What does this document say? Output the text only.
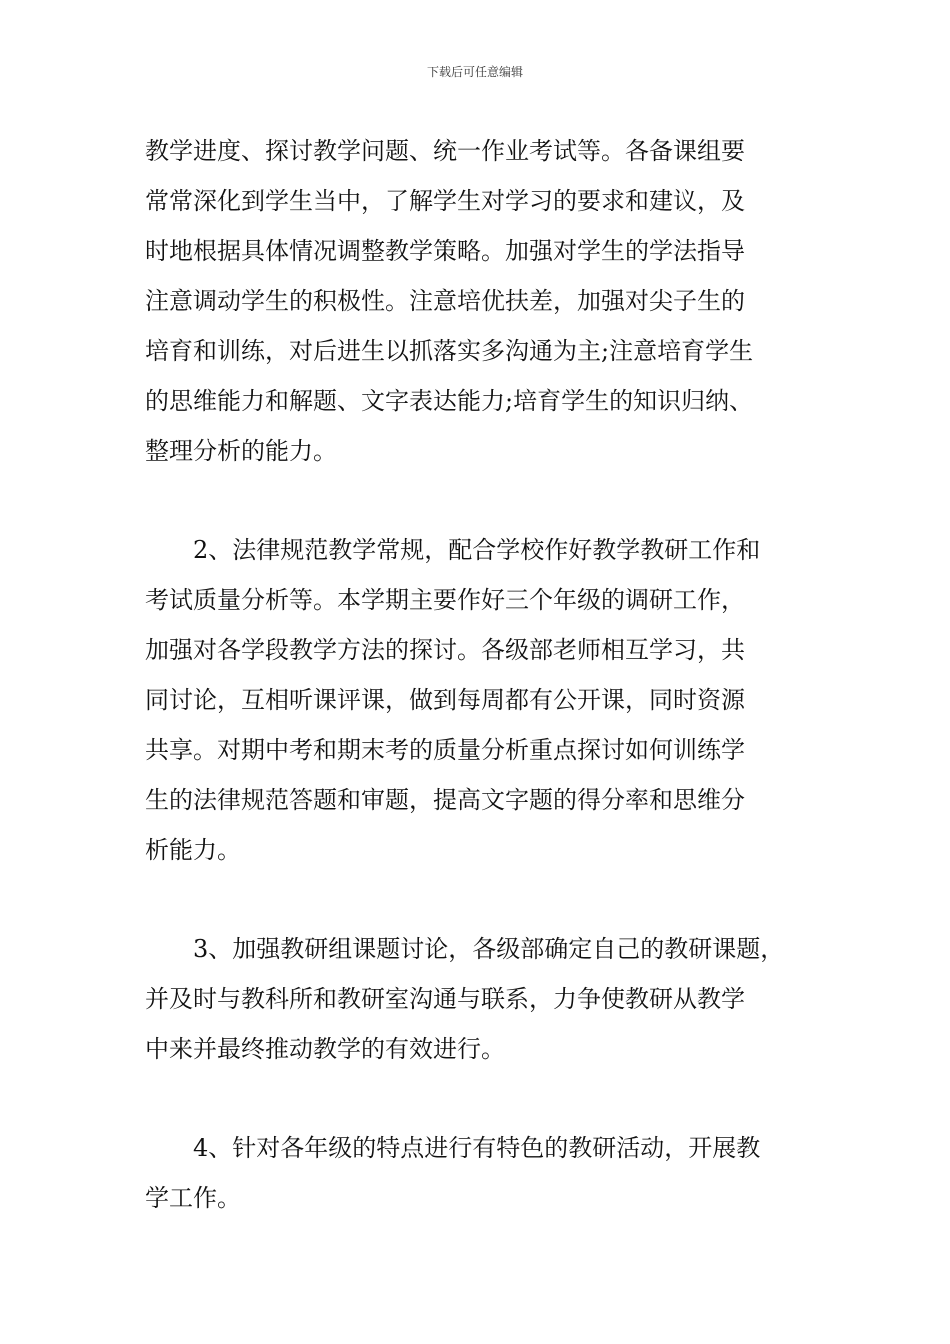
下载后可任意编辑
教学进度、探讨教学问题、统一作业考试等。各备课组要
常常深化到学生当中，了解学生对学习的要求和建议，及
时地根据具体情况调整教学策略。加强对学生的学法指导
注意调动学生的积极性。注意培优扶差，加强对尖子生的
培育和训练，对后进生以抓落实多沟通为主;注意培育学生
的思维能力和解题、文字表达能力;培育学生的知识归纳、
整理分析的能力。
2、法律规范教学常规，配合学校作好教学教研工作和
考试质量分析等。本学期主要作好三个年级的调研工作，
加强对各学段教学方法的探讨。各级部老师相互学习，共
同讨论，互相听课评课，做到每周都有公开课，同时资源
共享。对期中考和期末考的质量分析重点探讨如何训练学
生的法律规范答题和审题，提高文字题的得分率和思维分
析能力。
3、加强教研组课题讨论，各级部确定自己的教研课题，
并及时与教科所和教研室沟通与联系，力争使教研从教学
中来并最终推动教学的有效进行。
4、针对各年级的特点进行有特色的教研活动，开展教
学工作。
